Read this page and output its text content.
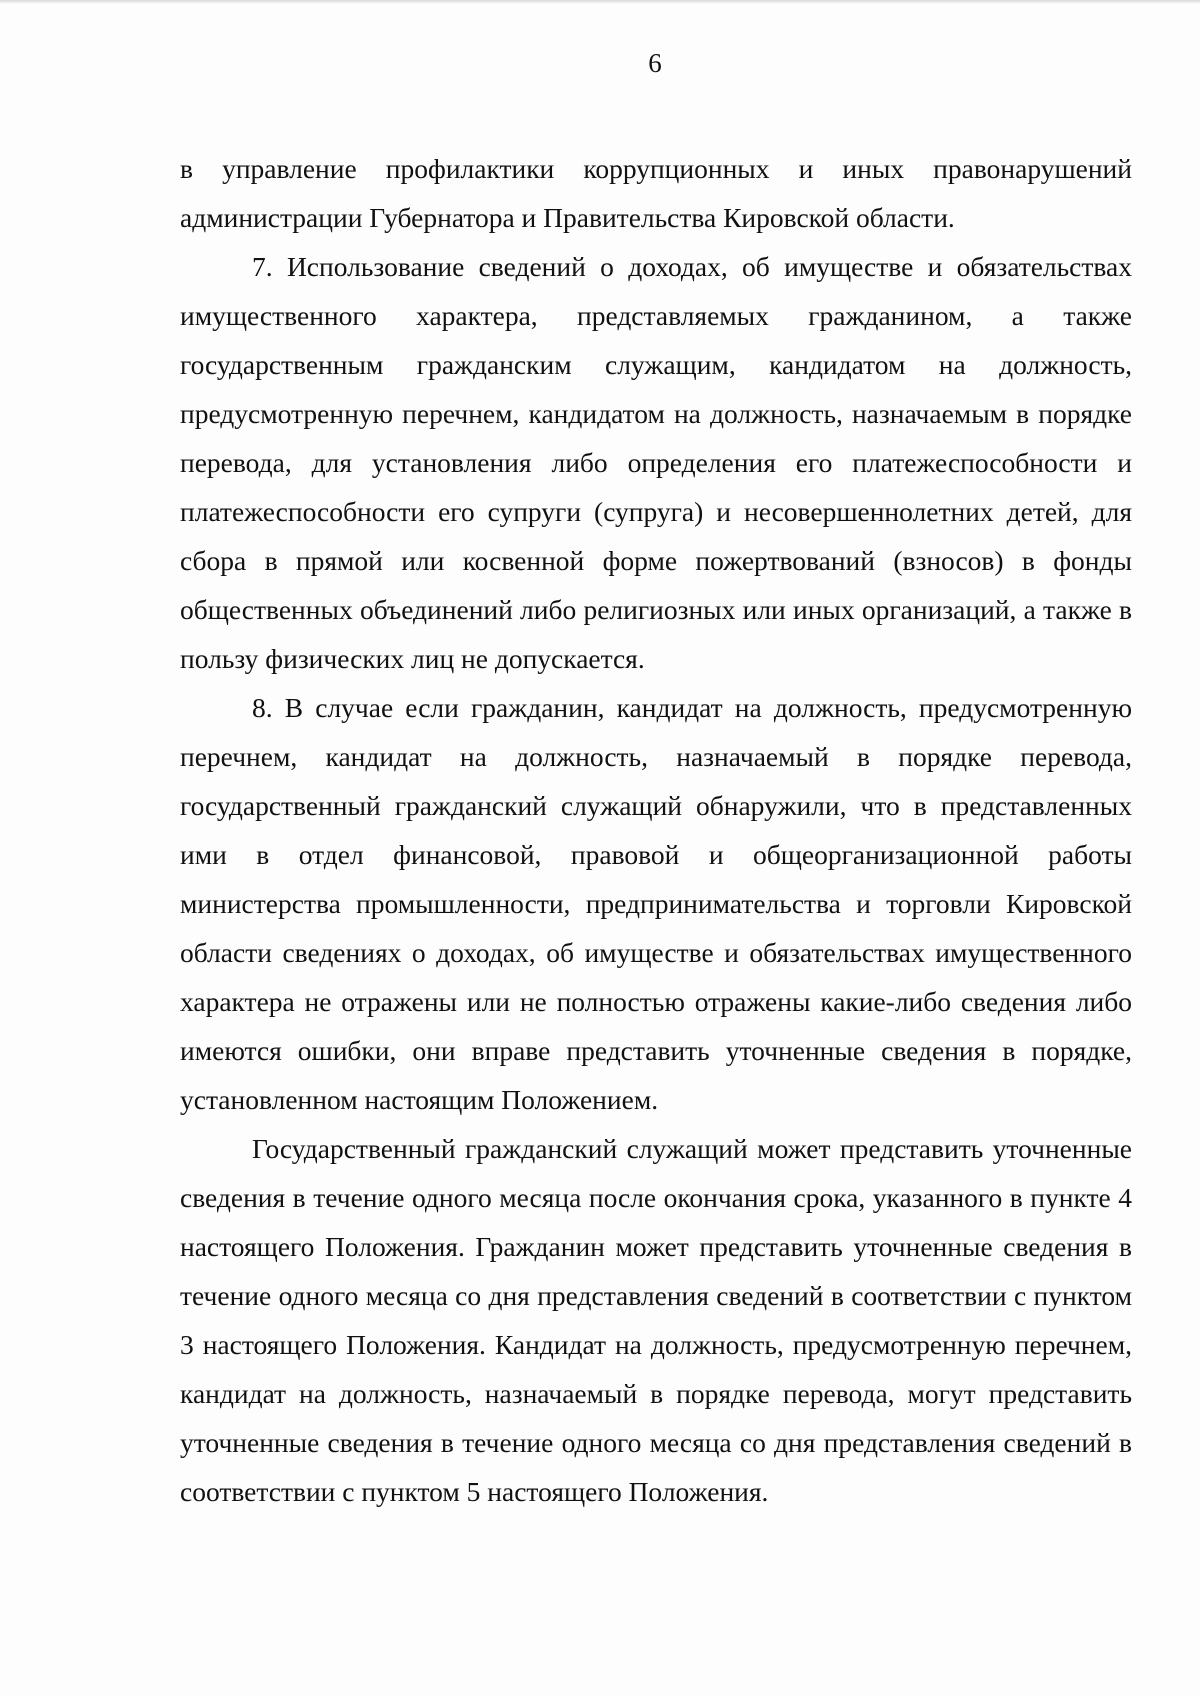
6

в управление профилактики коррупционных и иных правонарушений администрации Губернатора и Правительства Кировской области.

7. Использование сведений о доходах, об имуществе и обязательствах имущественного характера, представляемых гражданином, а также государственным гражданским служащим, кандидатом на должность, предусмотренную перечнем, кандидатом на должность, назначаемым в порядке перевода, для установления либо определения его платежеспособности и платежеспособности его супруги (супруга) и несовершеннолетних детей, для сбора в прямой или косвенной форме пожертвований (взносов) в фонды общественных объединений либо религиозных или иных организаций, а также в пользу физических лиц не допускается.

8. В случае если гражданин, кандидат на должность, предусмотренную перечнем, кандидат на должность, назначаемый в порядке перевода, государственный гражданский служащий обнаружили, что в представленных ими в отдел финансовой, правовой и общеорганизационной работы министерства промышленности, предпринимательства и торговли Кировской области сведениях о доходах, об имуществе и обязательствах имущественного характера не отражены или не полностью отражены какие-либо сведения либо имеются ошибки, они вправе представить уточненные сведения в порядке, установленном настоящим Положением.

Государственный гражданский служащий может представить уточненные сведения в течение одного месяца после окончания срока, указанного в пункте 4 настоящего Положения. Гражданин может представить уточненные сведения в течение одного месяца со дня представления сведений в соответствии с пунктом 3 настоящего Положения. Кандидат на должность, предусмотренную перечнем, кандидат на должность, назначаемый в порядке перевода, могут представить уточненные сведения в течение одного месяца со дня представления сведений в соответствии с пунктом 5 настоящего Положения.
